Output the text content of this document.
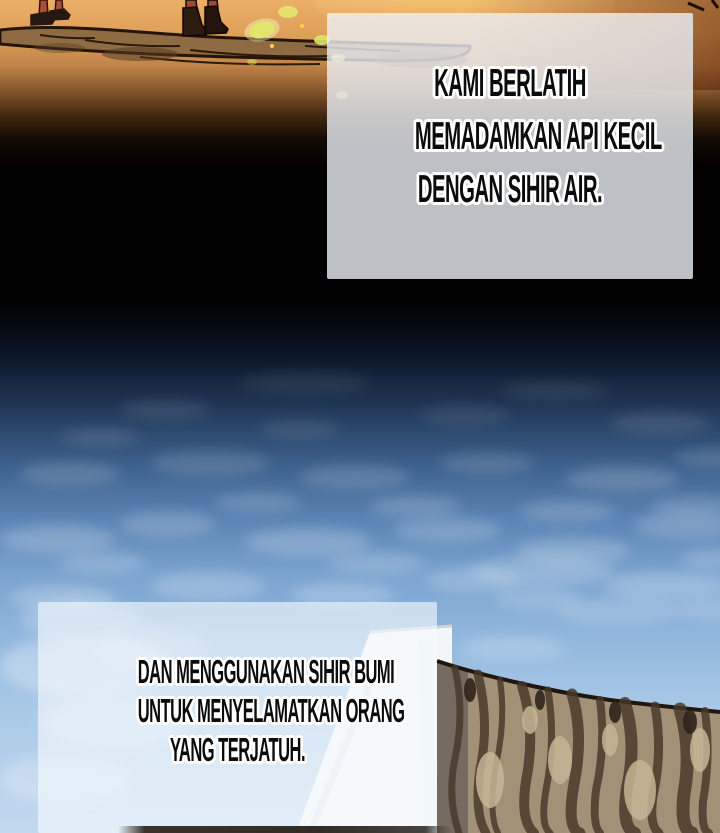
KAMI BERLATIH
MEMADAMKAN API KECIL
DENGAN SIHIR AIR.
DAN MENGGUNAKAN SIHIR BUMI
UNTUK MENYELAMATKAN ORANG
YANG TERJATUH.
